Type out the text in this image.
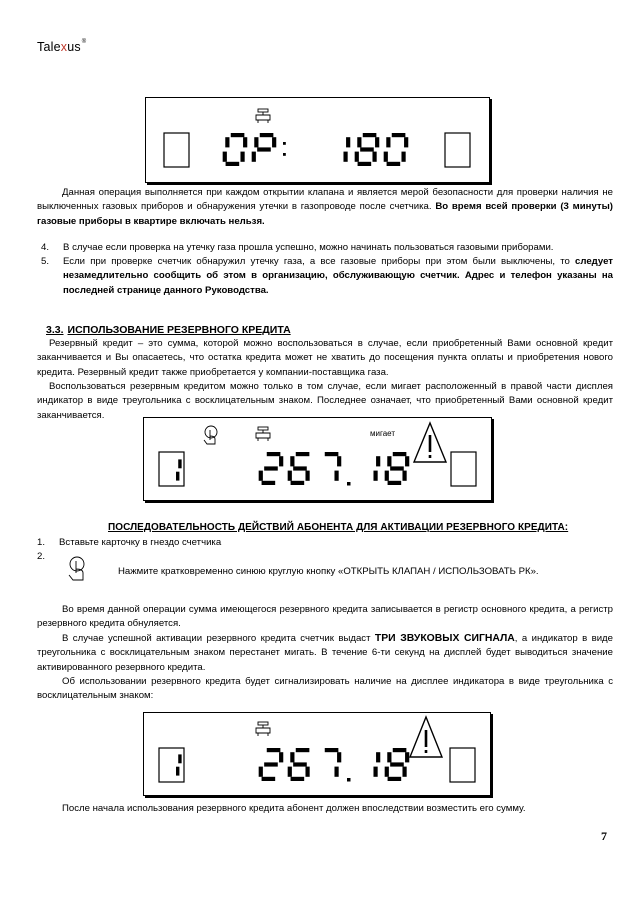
Talexus®

Данная операция выполняется при каждом открытии клапана и является мерой безопасности для проверки наличия не выключенных газовых приборов и обнаружения утечки в газопроводе после счетчика. Во время всей проверки (3 минуты) газовые приборы в квартире включать нельзя.

4. В случае если проверка на утечку газа прошла успешно, можно начинать пользоваться газовыми приборами.
5. Если при проверке счетчик обнаружил утечку газа, а все газовые приборы при этом были выключены, то следует незамедлительно сообщить об этом в организацию, обслуживающую счетчик. Адрес и телефон указаны на последней странице данного Руководства.
3.3. ИСПОЛЬЗОВАНИЕ РЕЗЕРВНОГО КРЕДИТА

Резервный кредит – это сумма, которой можно воспользоваться в случае, если приобретенный Вами основной кредит заканчивается и Вы опасаетесь, что остатка кредита может не хватить до посещения пункта оплаты и приобретения нового кредита. Резервный кредит также приобретается у компании-поставщика газа.

Воспользоваться резервным кредитом можно только в том случае, если мигает расположенный в правой части дисплея индикатор в виде треугольника с восклицательным знаком. Последнее означает, что приобретенный Вами основной кредит заканчивается.

мигает
ПОСЛЕДОВАТЕЛЬНОСТЬ ДЕЙСТВИЙ АБОНЕНТА ДЛЯ АКТИВАЦИИ РЕЗЕРВНОГО КРЕДИТА:
1. Вставьте карточку в гнездо счетчика
2.
Нажмите кратковременно синюю круглую кнопку «ОТКРЫТЬ КЛАПАН / ИСПОЛЬЗОВАТЬ РК».

Во время данной операции сумма имеющегося резервного кредита записывается в регистр основного кредита, а регистр резервного кредита обнуляется.

В случае успешной активации резервного кредита счетчик выдаст ТРИ ЗВУКОВЫХ СИГНАЛА, а индикатор в виде треугольника с восклицательным знаком перестанет мигать. В течение 6-ти секунд на дисплей будет выводиться значение активированного резервного кредита.

Об использовании резервного кредита будет сигнализировать наличие на дисплее индикатора в виде треугольника с восклицательным знаком:

После начала использования резервного кредита абонент должен впоследствии возместить его сумму.

7
